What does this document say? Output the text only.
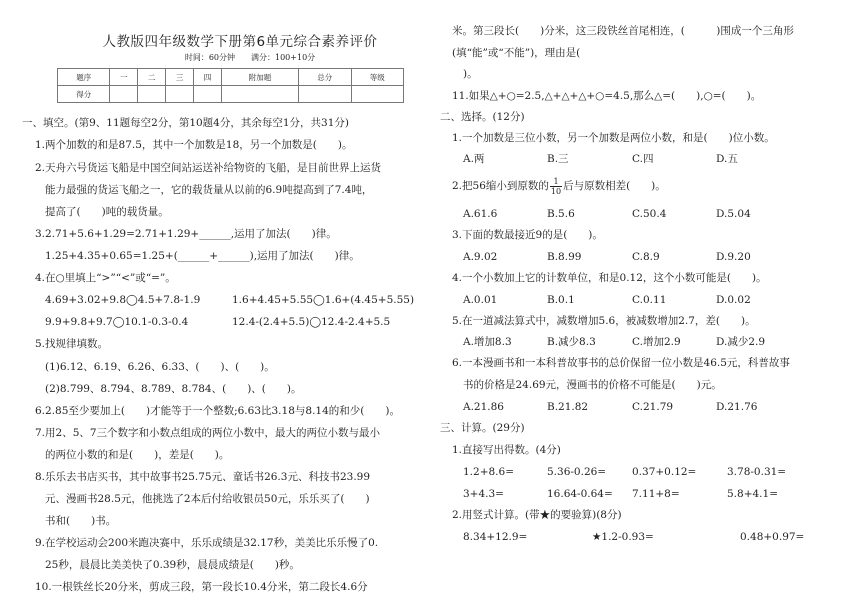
人教版四年级数学下册第6单元综合素养评价
时间：60分钟　　满分：100+10分
题序	一	二	三	四	附加题	总分	等级
得分							
一、填空。(第9、11题每空2分，第10题4分，其余每空1分，共31分)
1.两个加数的和是87.5，其中一个加数是18，另一个加数是(　　)。
2.天舟六号货运飞船是中国空间站运送补给物资的飞船，是目前世界上运货
能力最强的货运飞船之一，它的载货量从以前的6.9吨提高到了7.4吨，
提高了(　　)吨的载货量。
3.2.71+5.6+1.29=2.71+1.29+______,运用了加法(　　)律。
1.25+4.35+0.65=1.25+(______+______),运用了加法(　　)律。
4.在○里填上“>”“<”或“=”。
4.69+3.02+9.8◯4.5+7.8-1.9	1.6+4.45+5.55◯1.6+(4.45+5.55)
9.9+9.8+9.7◯10.1-0.3-0.4	12.4-(2.4+5.5)◯12.4-2.4+5.5
5.找规律填数。
(1)6.12、6.19、6.26、6.33、(　　)、(　　)。
(2)8.799、8.794、8.789、8.784、(　　)、(　　)。
6.2.85至少要加上(　　)才能等于一个整数;6.63比3.18与8.14的和少(　　)。
7.用2、5、7三个数字和小数点组成的两位小数中，最大的两位小数与最小
的两位小数的和是(　　)，差是(　　)。
8.乐乐去书店买书，其中故事书25.75元、童话书26.3元、科技书23.99
元、漫画书28.5元，他挑选了2本后付给收银员50元，乐乐买了(　　)
书和(　　)书。
9.在学校运动会200米跑决赛中，乐乐成绩是32.17秒，美美比乐乐慢了0.
25秒，晨晨比美美快了0.39秒，晨晨成绩是(　　)秒。
10.一根铁丝长20分米，剪成三段，第一段长10.4分米，第二段长4.6分
米。第三段长(　　)分米，这三段铁丝首尾相连，(　　　)围成一个三角形
(填“能”或“不能”)，理由是(
)。
11.如果△+○=2.5,△+△+△+○=4.5,那么△=(　　),○=(　　)。
二、选择。(12分)
1.一个加数是三位小数，另一个加数是两位小数，和是(　　)位小数。
A.两	B.三	C.四	D.五
2.把56缩小到原数的 $\frac{1}{10}$ 后与原数相差(　　)。
A.61.6	B.5.6	C.50.4	D.5.04
3.下面的数最接近9的是(　　)。
A.9.02	B.8.99	C.8.9	D.9.20
4.一个小数加上它的计数单位，和是0.12，这个小数可能是(　　)。
A.0.01	B.0.1	C.0.11	D.0.02
5.在一道减法算式中，减数增加5.6，被减数增加2.7，差(　　)。
A.增加8.3	B.减少8.3	C.增加2.9	D.减少2.9
6.一本漫画书和一本科普故事书的总价保留一位小数是46.5元，科普故事
书的价格是24.69元，漫画书的价格不可能是(　　)元。
A.21.86	B.21.82	C.21.79	D.21.76
三、计算。(29分)
1.直接写出得数。(4分)
1.2+8.6=	5.36-0.26= 0.37+0.12=	3.78-0.31=
3+4.3=	16.64-0.64= 7.11+8=	5.8+4.1=
2.用竖式计算。(带★的要验算)(8分)
8.34+12.9=	★1.2-0.93=	0.48+0.97=
